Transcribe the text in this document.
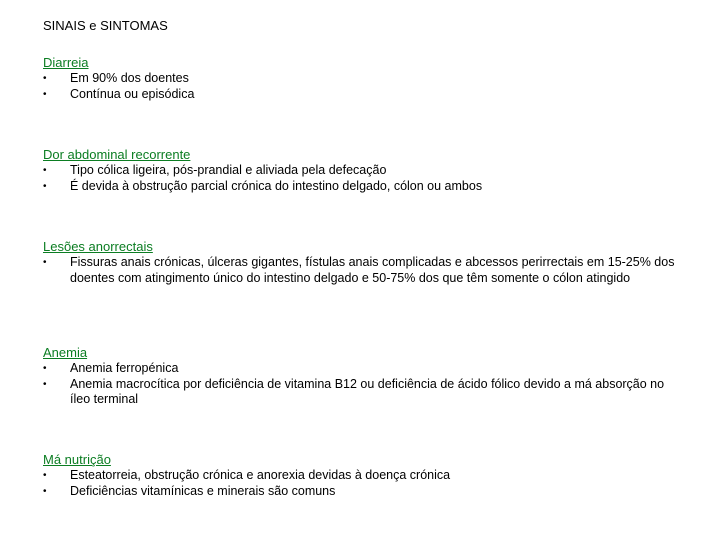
SINAIS e SINTOMAS
Diarreia
• Em 90% dos doentes
• Contínua ou episódica
Dor abdominal recorrente
• Tipo cólica ligeira, pós-prandial e aliviada pela defecação
• É devida à obstrução parcial crónica do intestino delgado, cólon ou ambos
Lesões anorrectais
• Fissuras anais crónicas, úlceras gigantes, fístulas anais complicadas e abcessos perirrectais em 15-25% dos doentes com atingimento único do intestino delgado e 50-75% dos que têm somente o cólon atingido
Anemia
• Anemia ferropénica
• Anemia macrocítica por deficiência de vitamina B12 ou deficiência de ácido fólico devido a má absorção no íleo terminal
Má nutrição
• Esteatorreia, obstrução crónica e anorexia devidas à doença crónica
• Deficiências vitamínicas e minerais são comuns
